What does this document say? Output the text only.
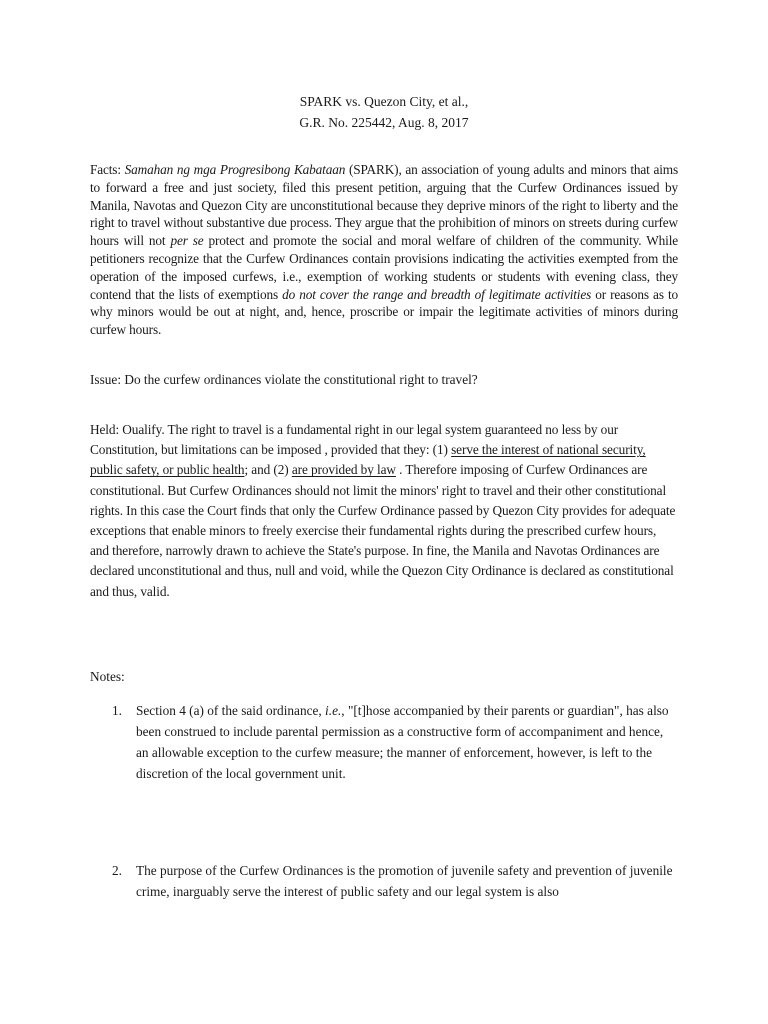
SPARK vs. Quezon City, et al.,
G.R. No. 225442, Aug. 8, 2017
Facts: Samahan ng mga Progresibong Kabataan (SPARK), an association of young adults and minors that aims to forward a free and just society, filed this present petition, arguing that the Curfew Ordinances issued by Manila, Navotas and Quezon City are unconstitutional because they deprive minors of the right to liberty and the right to travel without substantive due process. They argue that the prohibition of minors on streets during curfew hours will not per se protect and promote the social and moral welfare of children of the community. While petitioners recognize that the Curfew Ordinances contain provisions indicating the activities exempted from the operation of the imposed curfews, i.e., exemption of working students or students with evening class, they contend that the lists of exemptions do not cover the range and breadth of legitimate activities or reasons as to why minors would be out at night, and, hence, proscribe or impair the legitimate activities of minors during curfew hours.
Issue: Do the curfew ordinances violate the constitutional right to travel?
Held: Oualify. The right to travel is a fundamental right in our legal system guaranteed no less by our Constitution, but limitations can be imposed , provided that they: (1) serve the interest of national security, public safety, or public health; and (2) are provided by law . Therefore imposing of Curfew Ordinances are constitutional. But Curfew Ordinances should not limit the minors' right to travel and their other constitutional rights. In this case the Court finds that only the Curfew Ordinance passed by Quezon City provides for adequate exceptions that enable minors to freely exercise their fundamental rights during the prescribed curfew hours, and therefore, narrowly drawn to achieve the State's purpose. In fine, the Manila and Navotas Ordinances are declared unconstitutional and thus, null and void, while the Quezon City Ordinance is declared as constitutional and thus, valid.
Notes:
1.	Section 4 (a) of the said ordinance, i.e., "[t]hose accompanied by their parents or guardian", has also been construed to include parental permission as a constructive form of accompaniment and hence, an allowable exception to the curfew measure; the manner of enforcement, however, is left to the discretion of the local government unit.
2.	The purpose of the Curfew Ordinances is the promotion of juvenile safety and prevention of juvenile crime, inarguably serve the interest of public safety and our legal system is also
